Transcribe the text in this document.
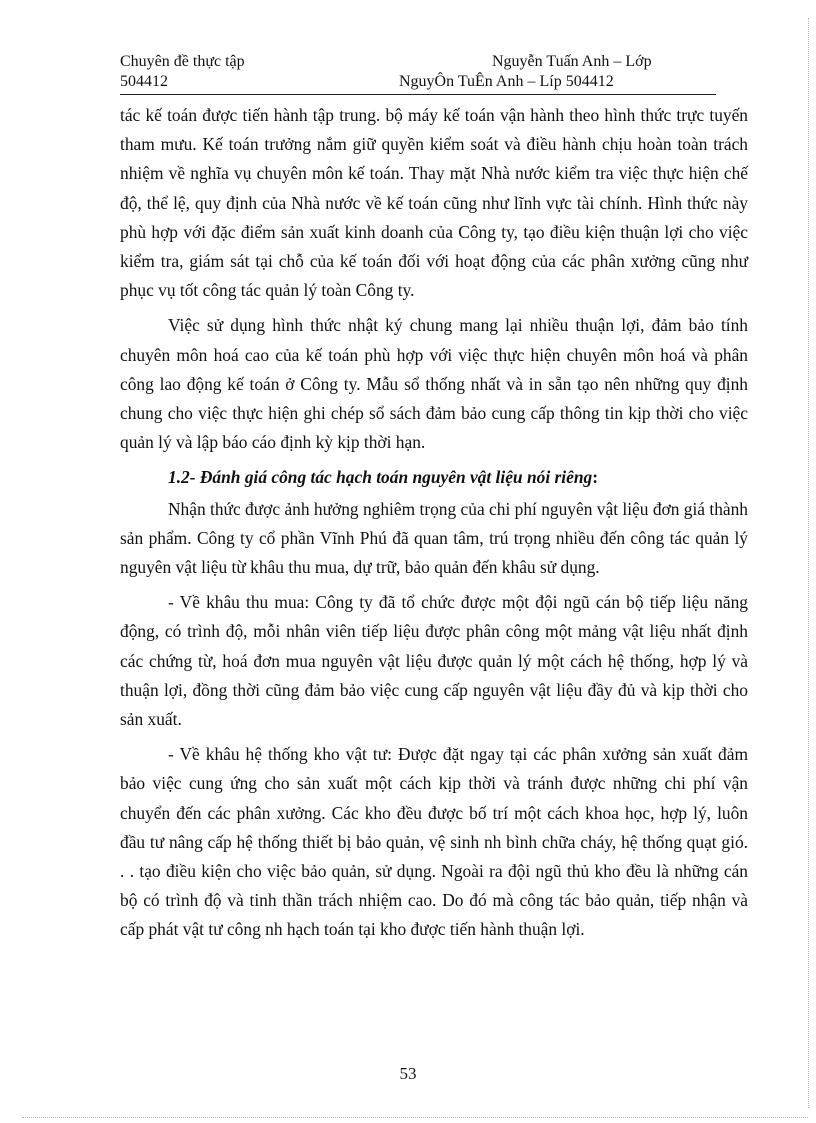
Chuyên đề thực tập	Nguyễn Tuấn Anh – Lớp
504412	NguyÔn TuÊn Anh – Líp 504412

tác kế toán được tiến hành tập trung. bộ máy kế toán vận hành theo hình thức trực tuyến tham mưu. Kế toán trưởng nắm giữ quyền kiểm soát và điều hành chịu hoàn toàn trách nhiệm về nghĩa vụ chuyên môn kế toán. Thay mặt Nhà nước kiểm tra việc thực hiện chế độ, thể lệ, quy định của Nhà nước về kế toán cũng như lĩnh vực tài chính. Hình thức này phù hợp với đặc điểm sản xuất kinh doanh của Công ty, tạo điều kiện thuận lợi cho việc kiểm tra, giám sát tại chỗ của kế toán đối với hoạt động của các phân xưởng cũng như phục vụ tốt công tác quản lý toàn Công ty.

Việc sử dụng hình thức nhật ký chung mang lại nhiều thuận lợi, đảm bảo tính chuyên môn hoá cao của kế toán phù hợp với việc thực hiện chuyên môn hoá và phân công lao động kế toán ở Công ty. Mẫu sổ thống nhất và in sẵn tạo nên những quy định chung cho việc thực hiện ghi chép sổ sách đảm bảo cung cấp thông tin kịp thời cho việc quản lý và lập báo cáo định kỳ kịp thời hạn.

1.2- Đánh giá công tác hạch toán nguyên vật liệu nói riêng:

Nhận thức được ảnh hưởng nghiêm trọng của chi phí nguyên vật liệu đơn giá thành sản phẩm. Công ty cổ phần Vĩnh Phú đã quan tâm, trú trọng nhiều đến công tác quản lý nguyên vật liệu từ khâu thu mua, dự trữ, bảo quản đến khâu sử dụng.

- Về khâu thu mua: Công ty đã tổ chức được một đội ngũ cán bộ tiếp liệu năng động, có trình độ, mỗi nhân viên tiếp liệu được phân công một mảng vật liệu nhất định các chứng từ, hoá đơn mua nguyên vật liệu được quản lý một cách hệ thống, hợp lý và thuận lợi, đồng thời cũng đảm bảo việc cung cấp nguyên vật liệu đầy đủ và kịp thời cho sản xuất.

- Về khâu hệ thống kho vật tư: Được đặt ngay tại các phân xưởng sản xuất đảm bảo việc cung ứng cho sản xuất một cách kịp thời và tránh được những chi phí vận chuyển đến các phân xưởng. Các kho đều được bố trí một cách khoa học, hợp lý, luôn đầu tư nâng cấp hệ thống thiết bị bảo quản, vệ sinh nh bình chữa cháy, hệ thống quạt gió. . . tạo điều kiện cho việc bảo quản, sử dụng. Ngoài ra đội ngũ thủ kho đều là những cán bộ có trình độ và tinh thần trách nhiệm cao. Do đó mà công tác bảo quản, tiếp nhận và cấp phát vật tư công nh hạch toán tại kho được tiến hành thuận lợi.

53
